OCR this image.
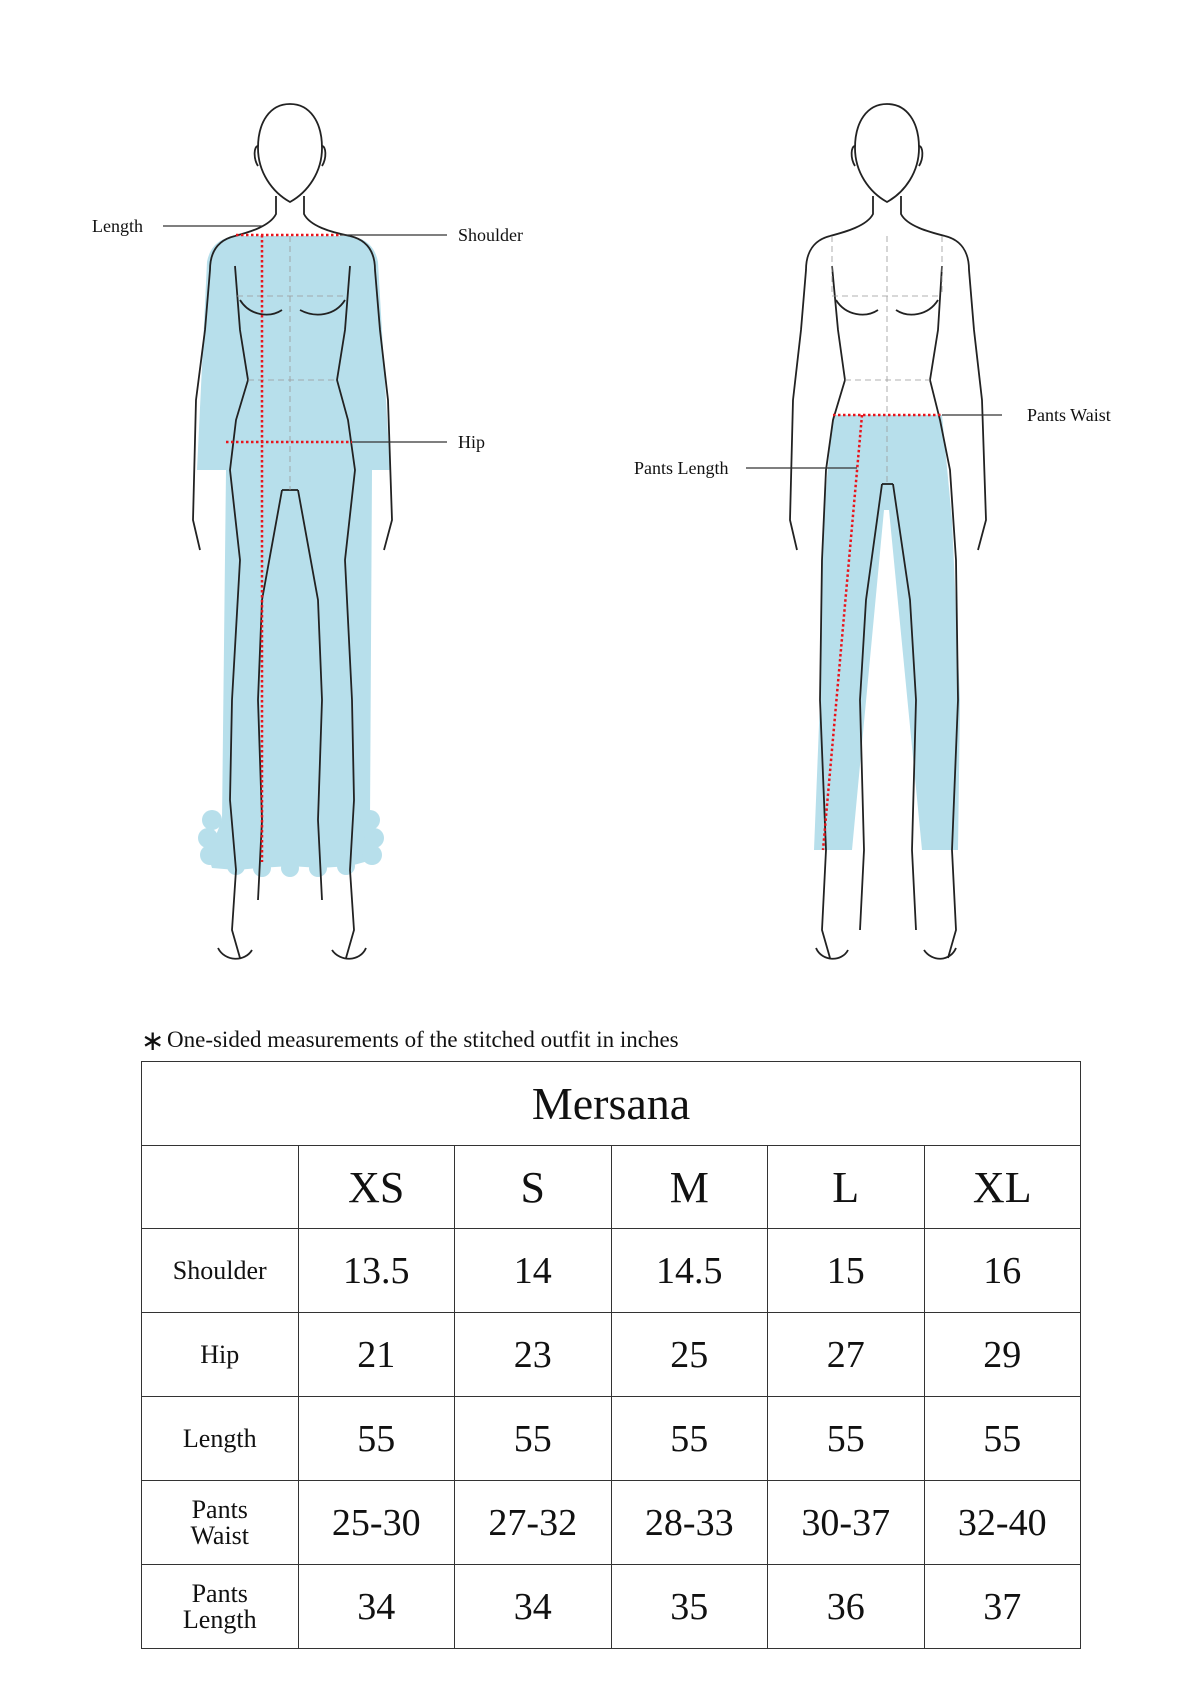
Length	Shoulder
Hip
Pants Waist
Pants Length
∗ One-sided measurements of the stitched outfit in inches
Mersana					
	XS	S	M	L	XL
Shoulder	13.5	14	14.5	15	16
Hip	21	23	25	27	29
Length	55	55	55	55	55

Pants
Waist	25-30	27-32	28-33	30-37	32-40

Pants
Length	34	34	35	36	37
